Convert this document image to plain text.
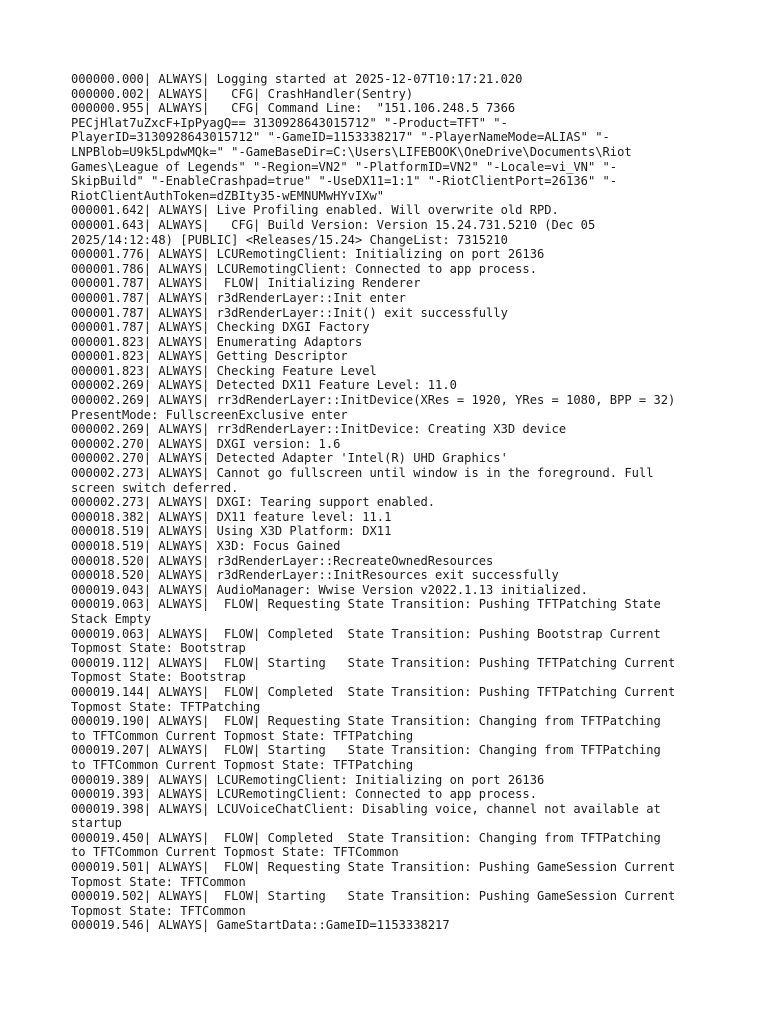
000000.000| ALWAYS| Logging started at 2025-12-07T10:17:21.020
000000.002| ALWAYS|   CFG| CrashHandler(Sentry)
000000.955| ALWAYS|   CFG| Command Line:  "151.106.248.5 7366
PECjHlat7uZxcF+IpPyagQ== 3130928643015712" "-Product=TFT" "-
PlayerID=3130928643015712" "-GameID=1153338217" "-PlayerNameMode=ALIAS" "-
LNPBlob=U9k5LpdwMQk=" "-GameBaseDir=C:\Users\LIFEBOOK\OneDrive\Documents\Riot
Games\League of Legends" "-Region=VN2" "-PlatformID=VN2" "-Locale=vi_VN" "-
SkipBuild" "-EnableCrashpad=true" "-UseDX11=1:1" "-RiotClientPort=26136" "-
RiotClientAuthToken=dZBIty35-wEMNUMwHYvIXw"
000001.642| ALWAYS| Live Profiling enabled. Will overwrite old RPD.
000001.643| ALWAYS|   CFG| Build Version: Version 15.24.731.5210 (Dec 05
2025/14:12:48) [PUBLIC] <Releases/15.24> ChangeList: 7315210
000001.776| ALWAYS| LCURemotingClient: Initializing on port 26136
000001.786| ALWAYS| LCURemotingClient: Connected to app process.
000001.787| ALWAYS|  FLOW| Initializing Renderer
000001.787| ALWAYS| r3dRenderLayer::Init enter
000001.787| ALWAYS| r3dRenderLayer::Init() exit successfully
000001.787| ALWAYS| Checking DXGI Factory
000001.823| ALWAYS| Enumerating Adaptors
000001.823| ALWAYS| Getting Descriptor
000001.823| ALWAYS| Checking Feature Level
000002.269| ALWAYS| Detected DX11 Feature Level: 11.0
000002.269| ALWAYS| rr3dRenderLayer::InitDevice(XRes = 1920, YRes = 1080, BPP = 32)
PresentMode: FullscreenExclusive enter
000002.269| ALWAYS| rr3dRenderLayer::InitDevice: Creating X3D device
000002.270| ALWAYS| DXGI version: 1.6
000002.270| ALWAYS| Detected Adapter 'Intel(R) UHD Graphics'
000002.273| ALWAYS| Cannot go fullscreen until window is in the foreground. Full
screen switch deferred.
000002.273| ALWAYS| DXGI: Tearing support enabled.
000018.382| ALWAYS| DX11 feature level: 11.1
000018.519| ALWAYS| Using X3D Platform: DX11
000018.519| ALWAYS| X3D: Focus Gained
000018.520| ALWAYS| r3dRenderLayer::RecreateOwnedResources
000018.520| ALWAYS| r3dRenderLayer::InitResources exit successfully
000019.043| ALWAYS| AudioManager: Wwise Version v2022.1.13 initialized.
000019.063| ALWAYS|  FLOW| Requesting State Transition: Pushing TFTPatching State
Stack Empty
000019.063| ALWAYS|  FLOW| Completed  State Transition: Pushing Bootstrap Current
Topmost State: Bootstrap
000019.112| ALWAYS|  FLOW| Starting   State Transition: Pushing TFTPatching Current
Topmost State: Bootstrap
000019.144| ALWAYS|  FLOW| Completed  State Transition: Pushing TFTPatching Current
Topmost State: TFTPatching
000019.190| ALWAYS|  FLOW| Requesting State Transition: Changing from TFTPatching
to TFTCommon Current Topmost State: TFTPatching
000019.207| ALWAYS|  FLOW| Starting   State Transition: Changing from TFTPatching
to TFTCommon Current Topmost State: TFTPatching
000019.389| ALWAYS| LCURemotingClient: Initializing on port 26136
000019.393| ALWAYS| LCURemotingClient: Connected to app process.
000019.398| ALWAYS| LCUVoiceChatClient: Disabling voice, channel not available at
startup
000019.450| ALWAYS|  FLOW| Completed  State Transition: Changing from TFTPatching
to TFTCommon Current Topmost State: TFTCommon
000019.501| ALWAYS|  FLOW| Requesting State Transition: Pushing GameSession Current
Topmost State: TFTCommon
000019.502| ALWAYS|  FLOW| Starting   State Transition: Pushing GameSession Current
Topmost State: TFTCommon
000019.546| ALWAYS| GameStartData::GameID=1153338217
